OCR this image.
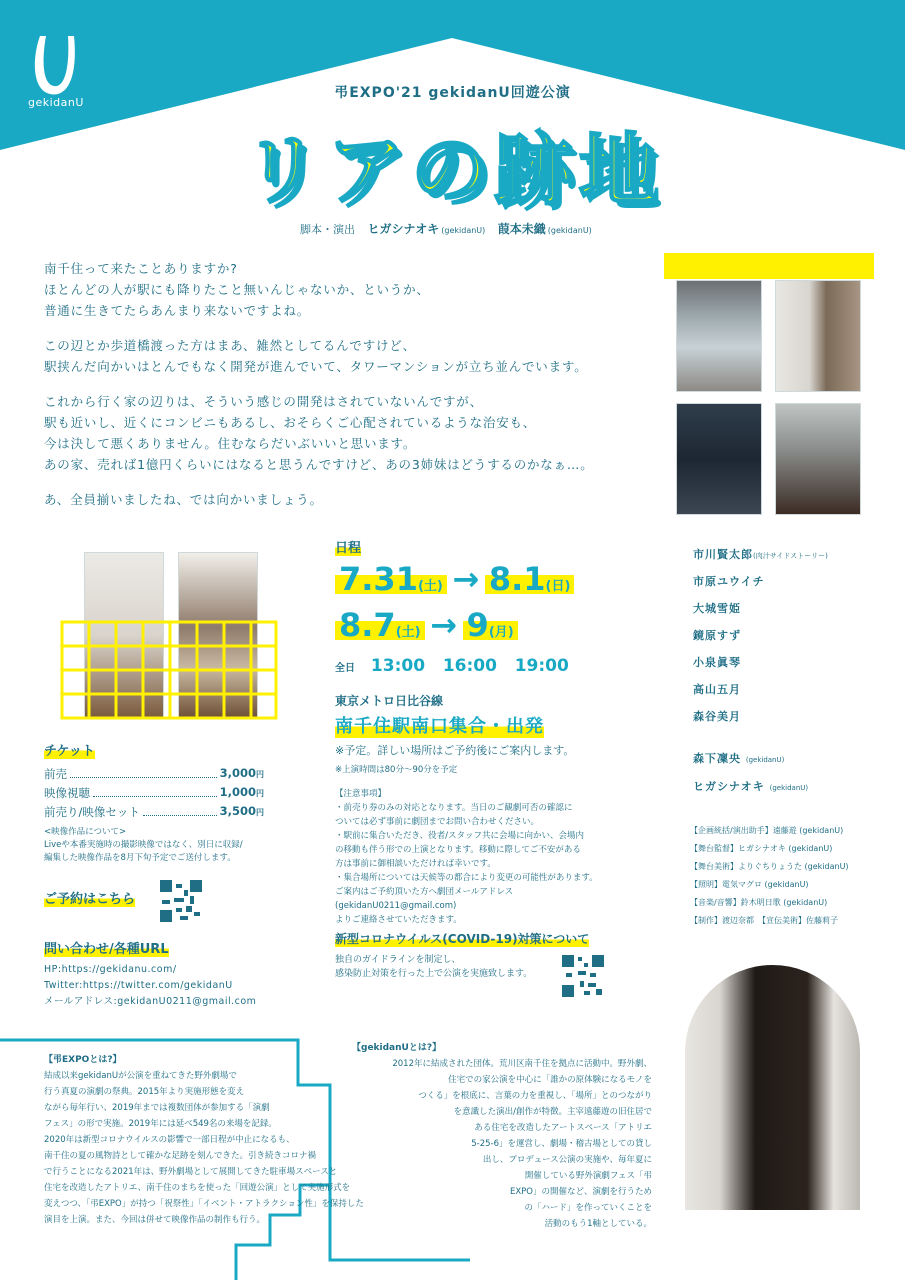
gekidanU
弔EXPO'21 gekidanU回遊公演
リアの跡地
脚本・演出 ヒガシナオキ (gekidanU) 葭本未織 (gekidanU)

南千住って来たことありますか?
ほとんどの人が駅にも降りたこと無いんじゃないか、というか、
普通に生きてたらあんまり来ないですよね。

この辺とか歩道橋渡った方はまあ、雑然としてるんですけど、
駅挟んだ向かいはとんでもなく開発が進んでいて、タワーマンションが立ち並んでいます。

これから行く家の辺りは、そういう感じの開発はされていないんですが、
駅も近いし、近くにコンビニもあるし、おそらくご心配されているような治安も、
今は決して悪くありません。住むならだいぶいいと思います。
あの家、売れば1億円くらいにはなると思うんですけど、あの3姉妹はどうするのかなぁ…。

あ、全員揃いましたね、では向かいましょう。

日程
7.31(土) → 8.1(日)
8.7(土) → 9(月)
全日 13:00 16:00 19:00
東京メトロ日比谷線
南千住駅南口集合・出発
※予定。詳しい場所はご予約後にご案内します。
※上演時間は80分〜90分を予定
【注意事項】
・前売り券のみの対応となります。当日のご観劇可否の確認に
ついては必ず事前に劇団までお問い合わせください。
・駅前に集合いただき、役者/スタッフ共に会場に向かい、会場内
の移動も伴う形での上演となります。移動に際してご不安がある
方は事前に御相談いただければ幸いです。
・集合場所については天候等の都合により変更の可能性があります。
ご案内はご予約頂いた方へ劇団メールアドレス(gekidanU0211@gmail.com)
よりご連絡させていただきます。
新型コロナウイルス(COVID-19)対策について
独自のガイドラインを制定し、
感染防止対策を行った上で公演を実施致します。
市川賢太郎(肉汁サイドストーリー)
市原ユウイチ
大城雪姫
鏡原すず
小泉眞琴
高山五月
森谷美月
森下凜央 (gekidanU)
ヒガシナオキ (gekidanU)
【企画統括/演出助手】遠藤遊 (gekidanU)
【舞台監督】ヒガシナオキ (gekidanU)
【舞台美術】よりぐちりょうた (gekidanU)
【照明】電気マグロ (gekidanU)
【音楽/音響】鈴木明日歌 (gekidanU)
【制作】渡辺奈都　【宣伝美術】佐藤莉子
チケット
前売	3,000円
映像視聴	1,000円
前売り/映像セット	3,500円
<映像作品について>
Liveや本番実施時の撮影映像ではなく、別日に収録/
編集した映像作品を8月下旬予定でご送付します。
ご予約はこちら
問い合わせ/各種URL
HP:https://gekidanu.com/
Twitter:https://twitter.com/gekidanU
メールアドレス:gekidanU0211@gmail.com
【弔EXPOとは?】
結成以来gekidanUが公演を重ねてきた野外劇場で
行う真夏の演劇の祭典。2015年より実施形態を変え
ながら毎年行い、2019年までは複数団体が参加する「演劇
フェス」の形で実施。2019年には延べ549名の来場を記録。
2020年は新型コロナウイルスの影響で一部日程が中止になるも、
南千住の夏の風物詩として確かな足跡を刻んできた。引き続きコロナ禍
で行うことになる2021年は、野外劇場として展開してきた駐車場スペースと
住宅を改造したアトリエ、南千住のまちを使った「回遊公演」として実施形式を
変えつつ、「弔EXPO」が持つ「祝祭性」「イベント・アトラクション性」を保持した
演目を上演。また、今回は併せて映像作品の制作も行う。
【gekidanUとは?】
2012年に結成された団体。荒川区南千住を拠点に活動中。野外劇、
住宅での家公演を中心に「誰かの原体験になるモノを
つくる」を根底に、言葉の力を重視し、「場所」とのつながり
を意識した演出/創作が特徴。主宰遠藤遊の旧住居で
ある住宅を改造したアートスペース「アトリエ
5-25-6」を運営し、劇場・稽古場としての貸し
出し、プロデュース公演の実施や、毎年夏に
開催している野外演劇フェス「弔
EXPO」の開催など、演劇を行うため
の「ハード」を作っていくことを
活動のもう1軸としている。
